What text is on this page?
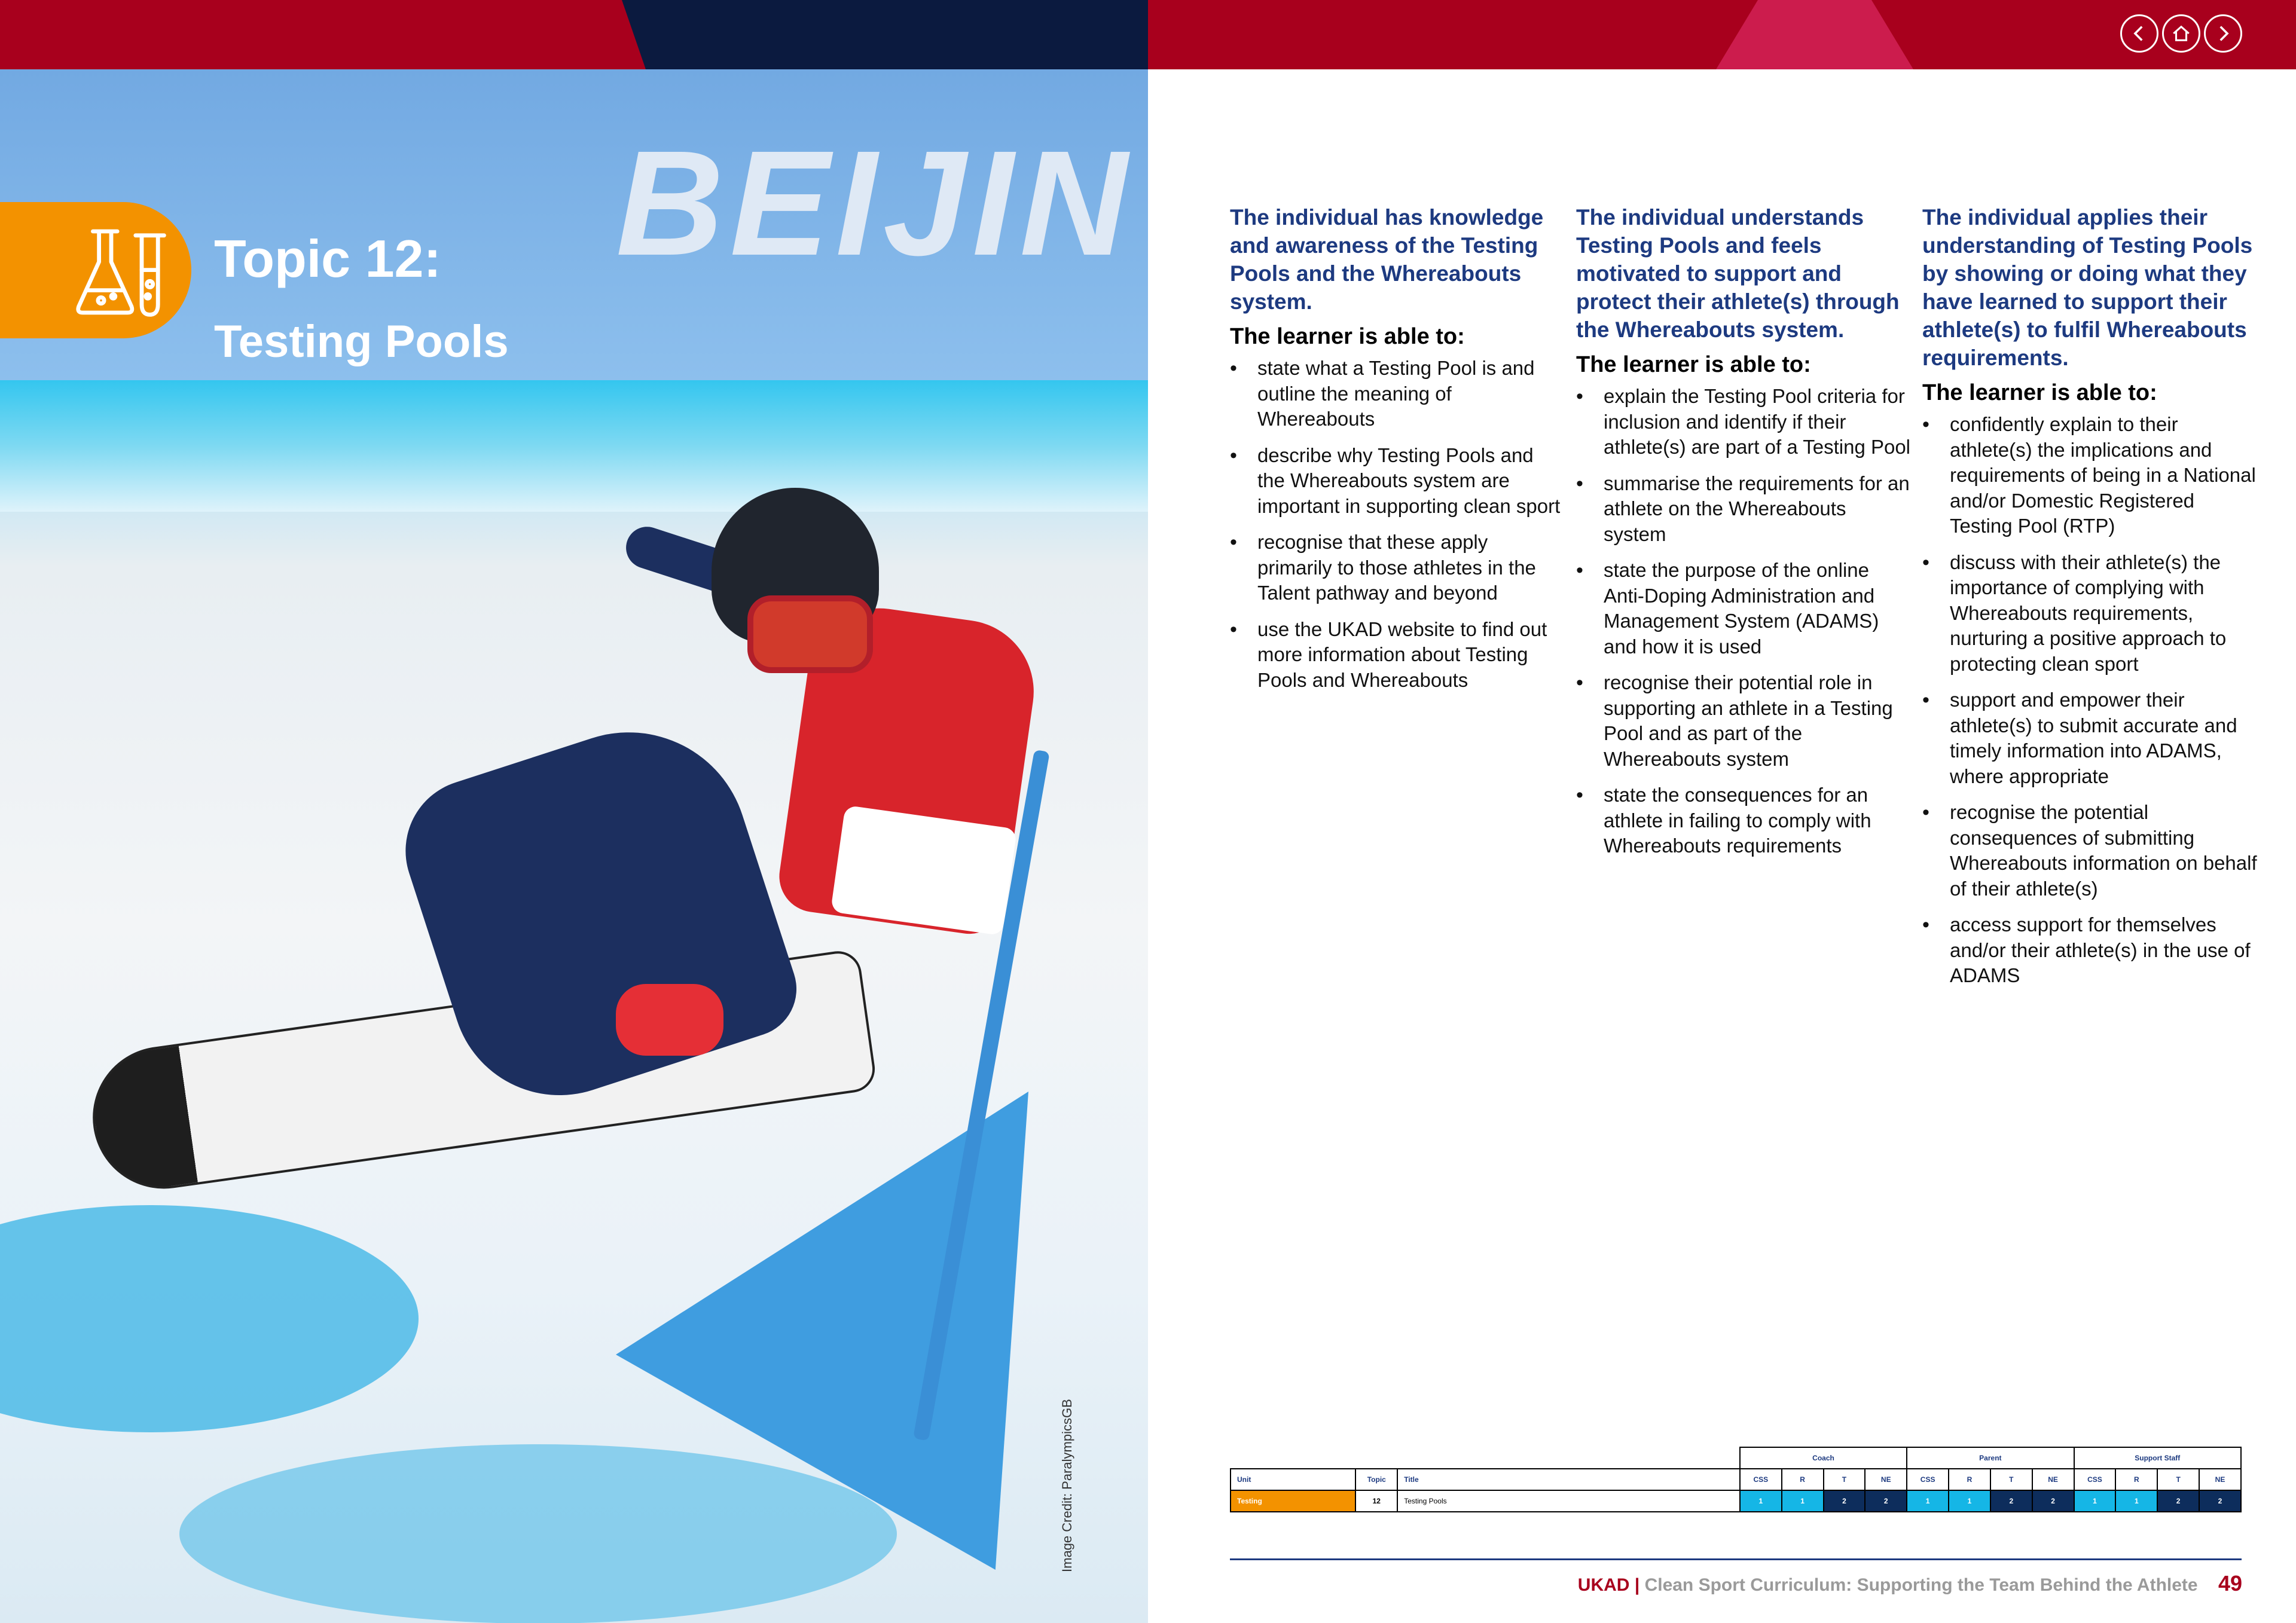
BEIJIN
Image Credit: ParalympicsGB
Topic 12:
Testing Pools

The individual has knowledge and awareness of the Testing Pools and the Whereabouts system.

The learner is able to:
• state what a Testing Pool is and outline the meaning of Whereabouts
• describe why Testing Pools and the Whereabouts system are important in supporting clean sport
• recognise that these apply primarily to those athletes in the Talent pathway and beyond
• use the UKAD website to find out more information about Testing Pools and Whereabouts

The individual understands Testing Pools and feels motivated to support and protect their athlete(s) through the Whereabouts system.

The learner is able to:
• explain the Testing Pool criteria for inclusion and identify if their athlete(s) are part of a Testing Pool
• summarise the requirements for an athlete on the Whereabouts system
• state the purpose of the online Anti-Doping Administration and Management System (ADAMS) and how it is used
• recognise their potential role in supporting an athlete in a Testing Pool and as part of the Whereabouts system
• state the consequences for an athlete in failing to comply with Whereabouts requirements

The individual applies their understanding of Testing Pools by showing or doing what they have learned to support their athlete(s) to fulfil Whereabouts requirements.

The learner is able to:
• confidently explain to their athlete(s) the implications and requirements of being in a National and/or Domestic Registered Testing Pool (RTP)
• discuss with their athlete(s) the importance of complying with Whereabouts requirements, nurturing a positive approach to protecting clean sport
• support and empower their athlete(s) to submit accurate and timely information into ADAMS, where appropriate
• recognise the potential consequences of submitting Whereabouts information on behalf of their athlete(s)
• access support for themselves and/or their athlete(s) in the use of ADAMS
			Coach				Parent				Support Staff			
Unit	Topic	Title	CSS	R	T	NE	CSS	R	T	NE	CSS	R	T	NE
Testing	12	Testing Pools	1	1	2	2	1	1	2	2	1	1	2	2
UKAD | Clean Sport Curriculum: Supporting the Team Behind the Athlete 49
